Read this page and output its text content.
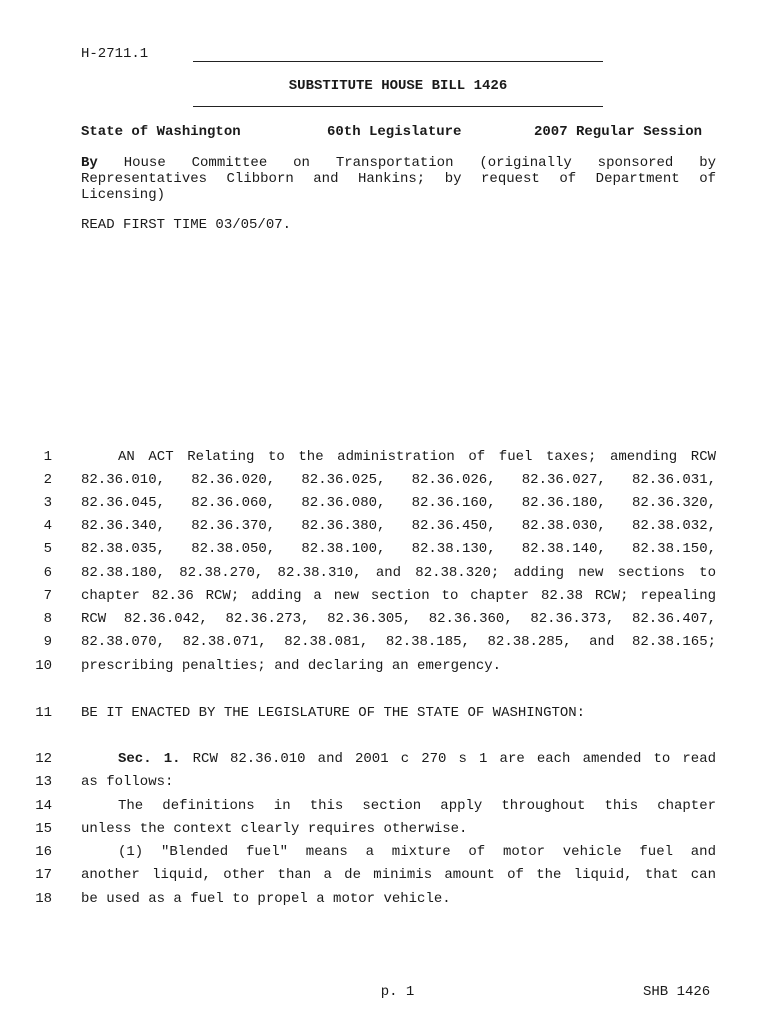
H-2711.1
SUBSTITUTE HOUSE BILL 1426
State of Washington	60th Legislature	2007 Regular Session
By House Committee on Transportation (originally sponsored by
Representatives Clibborn and Hankins; by request of Department of
Licensing)
READ FIRST TIME 03/05/07.
1	AN ACT Relating to the administration of fuel taxes; amending RCW
2 82.36.010, 82.36.020, 82.36.025, 82.36.026, 82.36.027, 82.36.031,
3 82.36.045, 82.36.060, 82.36.080, 82.36.160, 82.36.180, 82.36.320,
4 82.36.340, 82.36.370, 82.36.380, 82.36.450, 82.38.030, 82.38.032,
5 82.38.035, 82.38.050, 82.38.100, 82.38.130, 82.38.140, 82.38.150,
6 82.38.180, 82.38.270, 82.38.310, and 82.38.320; adding new sections to
7 chapter 82.36 RCW; adding a new section to chapter 82.38 RCW; repealing
8 RCW 82.36.042, 82.36.273, 82.36.305, 82.36.360, 82.36.373, 82.36.407,
9 82.38.070, 82.38.071, 82.38.081, 82.38.185, 82.38.285, and 82.38.165;
10 prescribing penalties; and declaring an emergency.
11 BE IT ENACTED BY THE LEGISLATURE OF THE STATE OF WASHINGTON:
12	Sec. 1. RCW 82.36.010 and 2001 c 270 s 1 are each amended to read
13 as follows:
14	The definitions in this section apply throughout this chapter
15 unless the context clearly requires otherwise.
16	(1) "Blended fuel" means a mixture of motor vehicle fuel and
17 another liquid, other than a de minimis amount of the liquid, that can
18 be used as a fuel to propel a motor vehicle.
p. 1	SHB 1426
